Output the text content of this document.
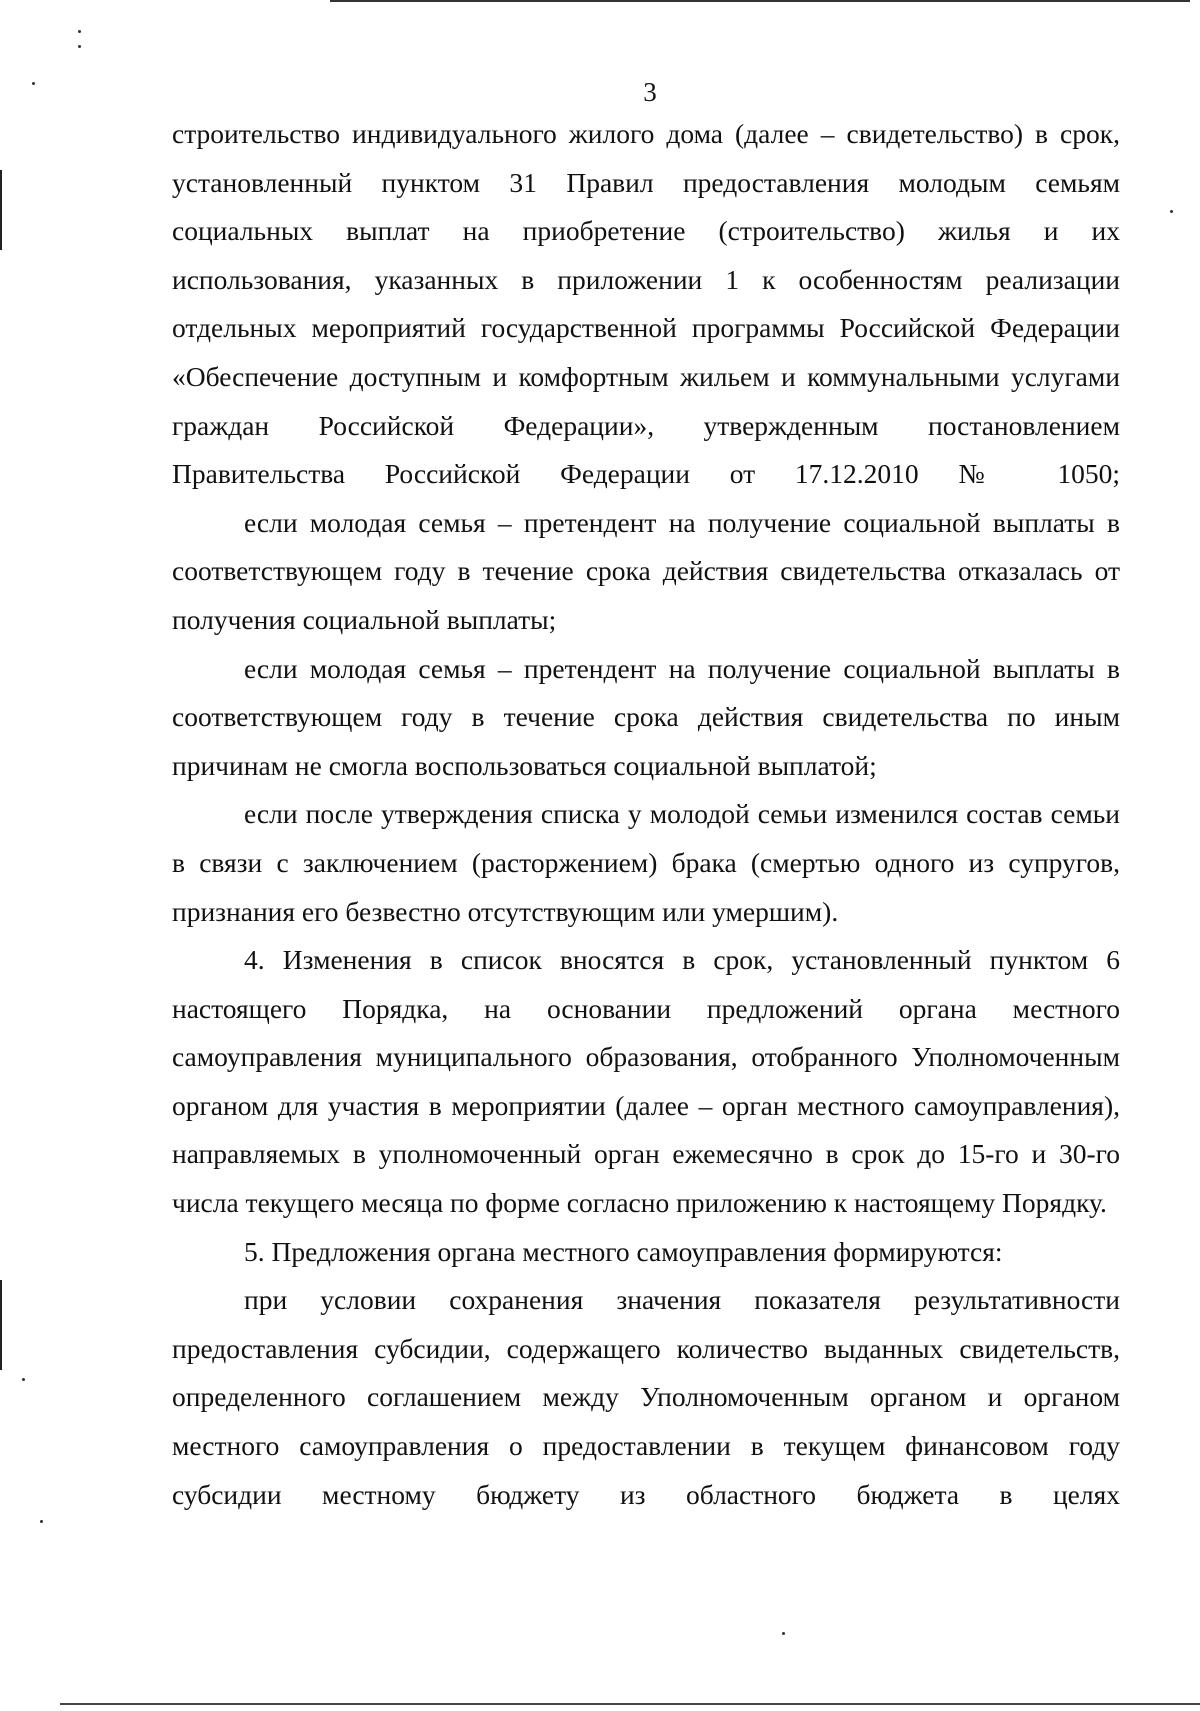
3

строительство индивидуального жилого дома (далее – свидетельство) в срок, установленный пунктом 31 Правил предоставления молодым семьям социальных выплат на приобретение (строительство) жилья и их использования, указанных в приложении 1 к особенностям реализации отдельных мероприятий государственной программы Российской Федерации «Обеспечение доступным и комфортным жильем и коммунальными услугами граждан Российской Федерации», утвержденным постановлением Правительства Российской Федерации от 17.12.2010 № 1050;

если молодая семья – претендент на получение социальной выплаты в соответствующем году в течение срока действия свидетельства отказалась от получения социальной выплаты;

если молодая семья – претендент на получение социальной выплаты в соответствующем году в течение срока действия свидетельства по иным причинам не смогла воспользоваться социальной выплатой;

если после утверждения списка у молодой семьи изменился состав семьи в связи с заключением (расторжением) брака (смертью одного из супругов, признания его безвестно отсутствующим или умершим).

4. Изменения в список вносятся в срок, установленный пунктом 6 настоящего Порядка, на основании предложений органа местного самоуправления муниципального образования, отобранного Уполномоченным органом для участия в мероприятии (далее – орган местного самоуправления), направляемых в уполномоченный орган ежемесячно в срок до 15-го и 30-го числа текущего месяца по форме согласно приложению к настоящему Порядку.

5. Предложения органа местного самоуправления формируются:

при условии сохранения значения показателя результативности предоставления субсидии, содержащего количество выданных свидетельств, определенного соглашением между Уполномоченным органом и органом местного самоуправления о предоставлении в текущем финансовом году субсидии местному бюджету из областного бюджета в целях
